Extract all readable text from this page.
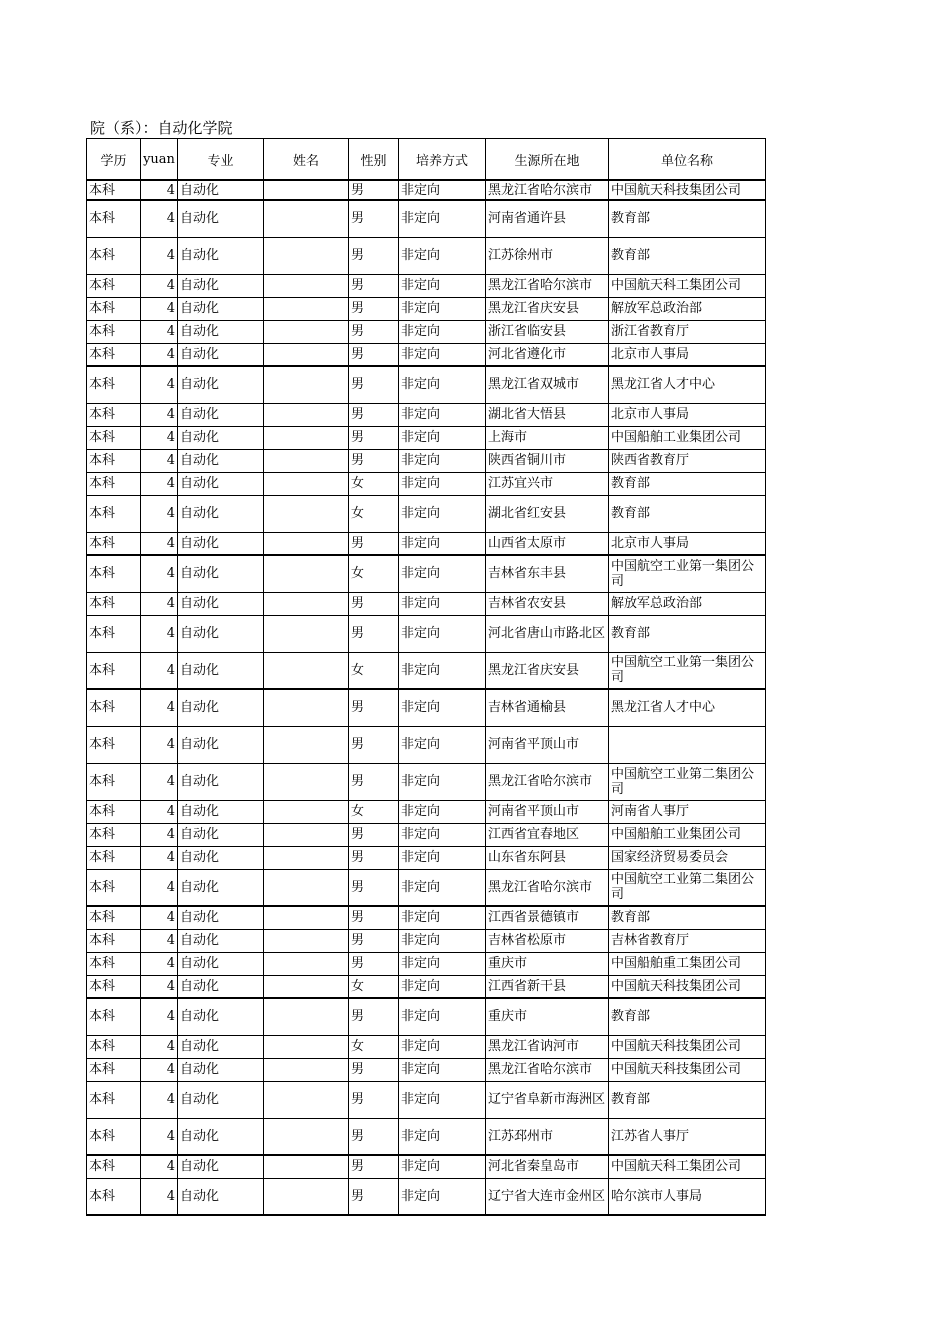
院（系）：自动化学院
学历	yuan	专业	姓名	性别	培养方式	生源所在地	单位名称
本科	4	自动化		男	非定向	黑龙江省哈尔滨市	中国航天科技集团公司
本科	4	自动化		男	非定向	河南省通许县	教育部
本科	4	自动化		男	非定向	江苏徐州市	教育部
本科	4	自动化		男	非定向	黑龙江省哈尔滨市	中国航天科工集团公司
本科	4	自动化		男	非定向	黑龙江省庆安县	解放军总政治部
本科	4	自动化		男	非定向	浙江省临安县	浙江省教育厅
本科	4	自动化		男	非定向	河北省遵化市	北京市人事局
本科	4	自动化		男	非定向	黑龙江省双城市	黑龙江省人才中心
本科	4	自动化		男	非定向	湖北省大悟县	北京市人事局
本科	4	自动化		男	非定向	上海市	中国船舶工业集团公司
本科	4	自动化		男	非定向	陕西省铜川市	陕西省教育厅
本科	4	自动化		女	非定向	江苏宜兴市	教育部
本科	4	自动化		女	非定向	湖北省红安县	教育部
本科	4	自动化		男	非定向	山西省太原市	北京市人事局
本科	4	自动化		女	非定向	吉林省东丰县	中国航空工业第一集团公司
本科	4	自动化		男	非定向	吉林省农安县	解放军总政治部
本科	4	自动化		男	非定向	河北省唐山市路北区	教育部
本科	4	自动化		女	非定向	黑龙江省庆安县	中国航空工业第一集团公司
本科	4	自动化		男	非定向	吉林省通榆县	黑龙江省人才中心
本科	4	自动化		男	非定向	河南省平顶山市	
本科	4	自动化		男	非定向	黑龙江省哈尔滨市	中国航空工业第二集团公司
本科	4	自动化		女	非定向	河南省平顶山市	河南省人事厅
本科	4	自动化		男	非定向	江西省宜春地区	中国船舶工业集团公司
本科	4	自动化		男	非定向	山东省东阿县	国家经济贸易委员会
本科	4	自动化		男	非定向	黑龙江省哈尔滨市	中国航空工业第二集团公司
本科	4	自动化		男	非定向	江西省景德镇市	教育部
本科	4	自动化		男	非定向	吉林省松原市	吉林省教育厅
本科	4	自动化		男	非定向	重庆市	中国船舶重工集团公司
本科	4	自动化		女	非定向	江西省新干县	中国航天科技集团公司
本科	4	自动化		男	非定向	重庆市	教育部
本科	4	自动化		女	非定向	黑龙江省讷河市	中国航天科技集团公司
本科	4	自动化		男	非定向	黑龙江省哈尔滨市	中国航天科技集团公司
本科	4	自动化		男	非定向	辽宁省阜新市海洲区	教育部
本科	4	自动化		男	非定向	江苏邳州市	江苏省人事厅
本科	4	自动化		男	非定向	河北省秦皇岛市	中国航天科工集团公司
本科	4	自动化		男	非定向	辽宁省大连市金州区	哈尔滨市人事局
